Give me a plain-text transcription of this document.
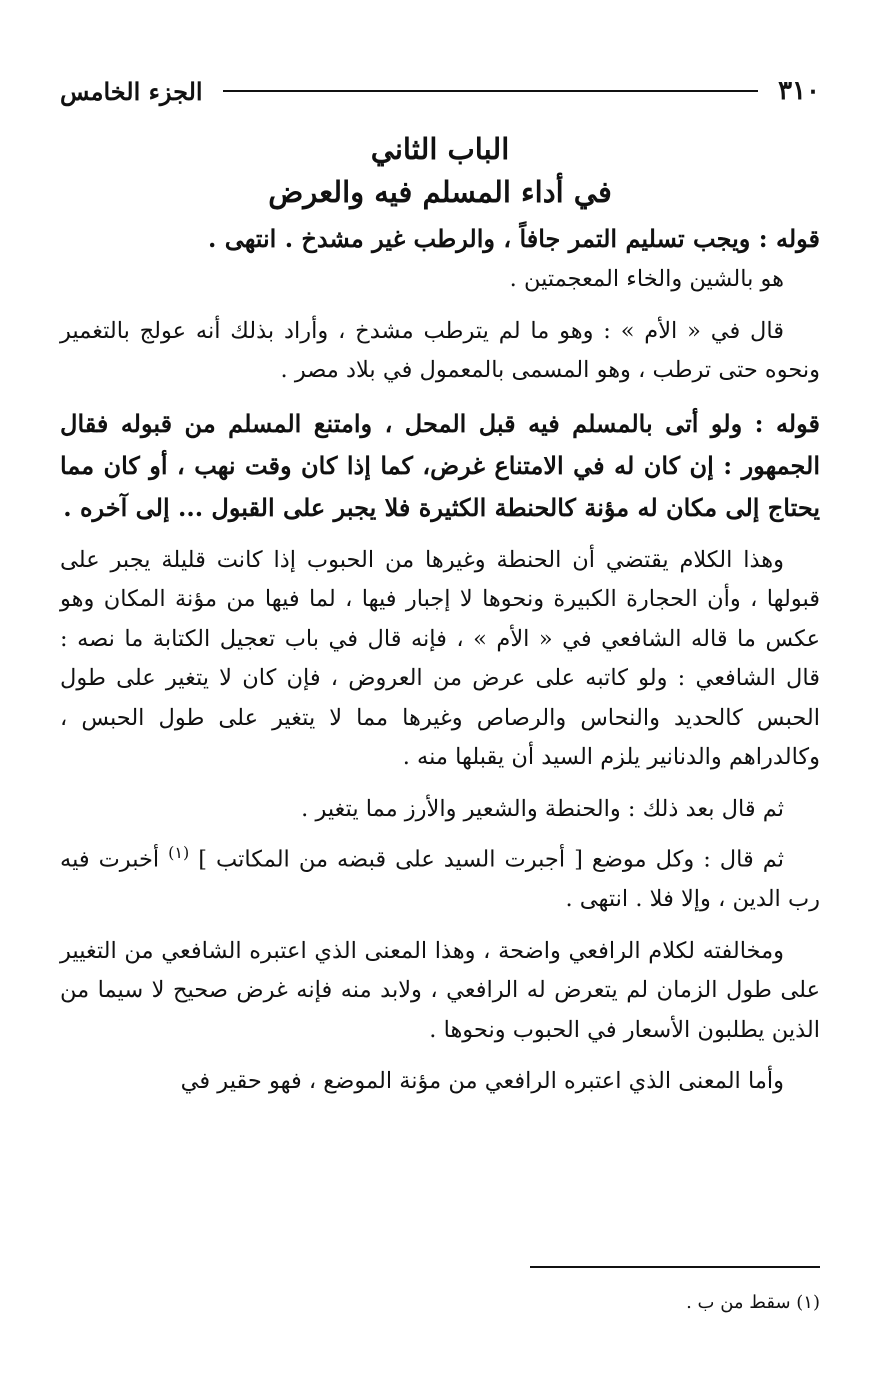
٣١٠
الجزء الخامس
الباب الثاني
في أداء المسلم فيه والعرض
قوله : ويجب تسليم التمر جافاً ، والرطب غير مشدخ . انتهى .
هو بالشين والخاء المعجمتين .
قال في « الأم » : وهو ما لم يترطب مشدخ ، وأراد بذلك أنه عولج بالتغمير ونحوه حتى ترطب ، وهو المسمى بالمعمول في بلاد مصر .
قوله : ولو أتى بالمسلم فيه قبل المحل ، وامتنع المسلم من قبوله فقال الجمهور : إن كان له في الامتناع غرض، كما إذا كان وقت نهب ، أو كان مما يحتاج إلى مكان له مؤنة كالحنطة الكثيرة فلا يجبر على القبول ... إلى آخره .
وهذا الكلام يقتضي أن الحنطة وغيرها من الحبوب إذا كانت قليلة يجبر على قبولها ، وأن الحجارة الكبيرة ونحوها لا إجبار فيها ، لما فيها من مؤنة المكان وهو عكس ما قاله الشافعي في « الأم » ، فإنه قال في باب تعجيل الكتابة ما نصه : قال الشافعي : ولو كاتبه على عرض من العروض ، فإن كان لا يتغير على طول الحبس كالحديد والنحاس والرصاص وغيرها مما لا يتغير على طول الحبس ، وكالدراهم والدنانير يلزم السيد أن يقبلها منه .
ثم قال بعد ذلك : والحنطة والشعير والأرز مما يتغير .
ثم قال : وكل موضع [ أجبرت السيد على قبضه من المكاتب ] $^{(١)}$ أخبرت فيه رب الدين ، وإلا فلا . انتهى .
ومخالفته لكلام الرافعي واضحة ، وهذا المعنى الذي اعتبره الشافعي من التغيير على طول الزمان لم يتعرض له الرافعي ، ولابد منه فإنه غرض صحيح لا سيما من الذين يطلبون الأسعار في الحبوب ونحوها .
وأما المعنى الذي اعتبره الرافعي من مؤنة الموضع ، فهو حقير في
(١) سقط من ب .
